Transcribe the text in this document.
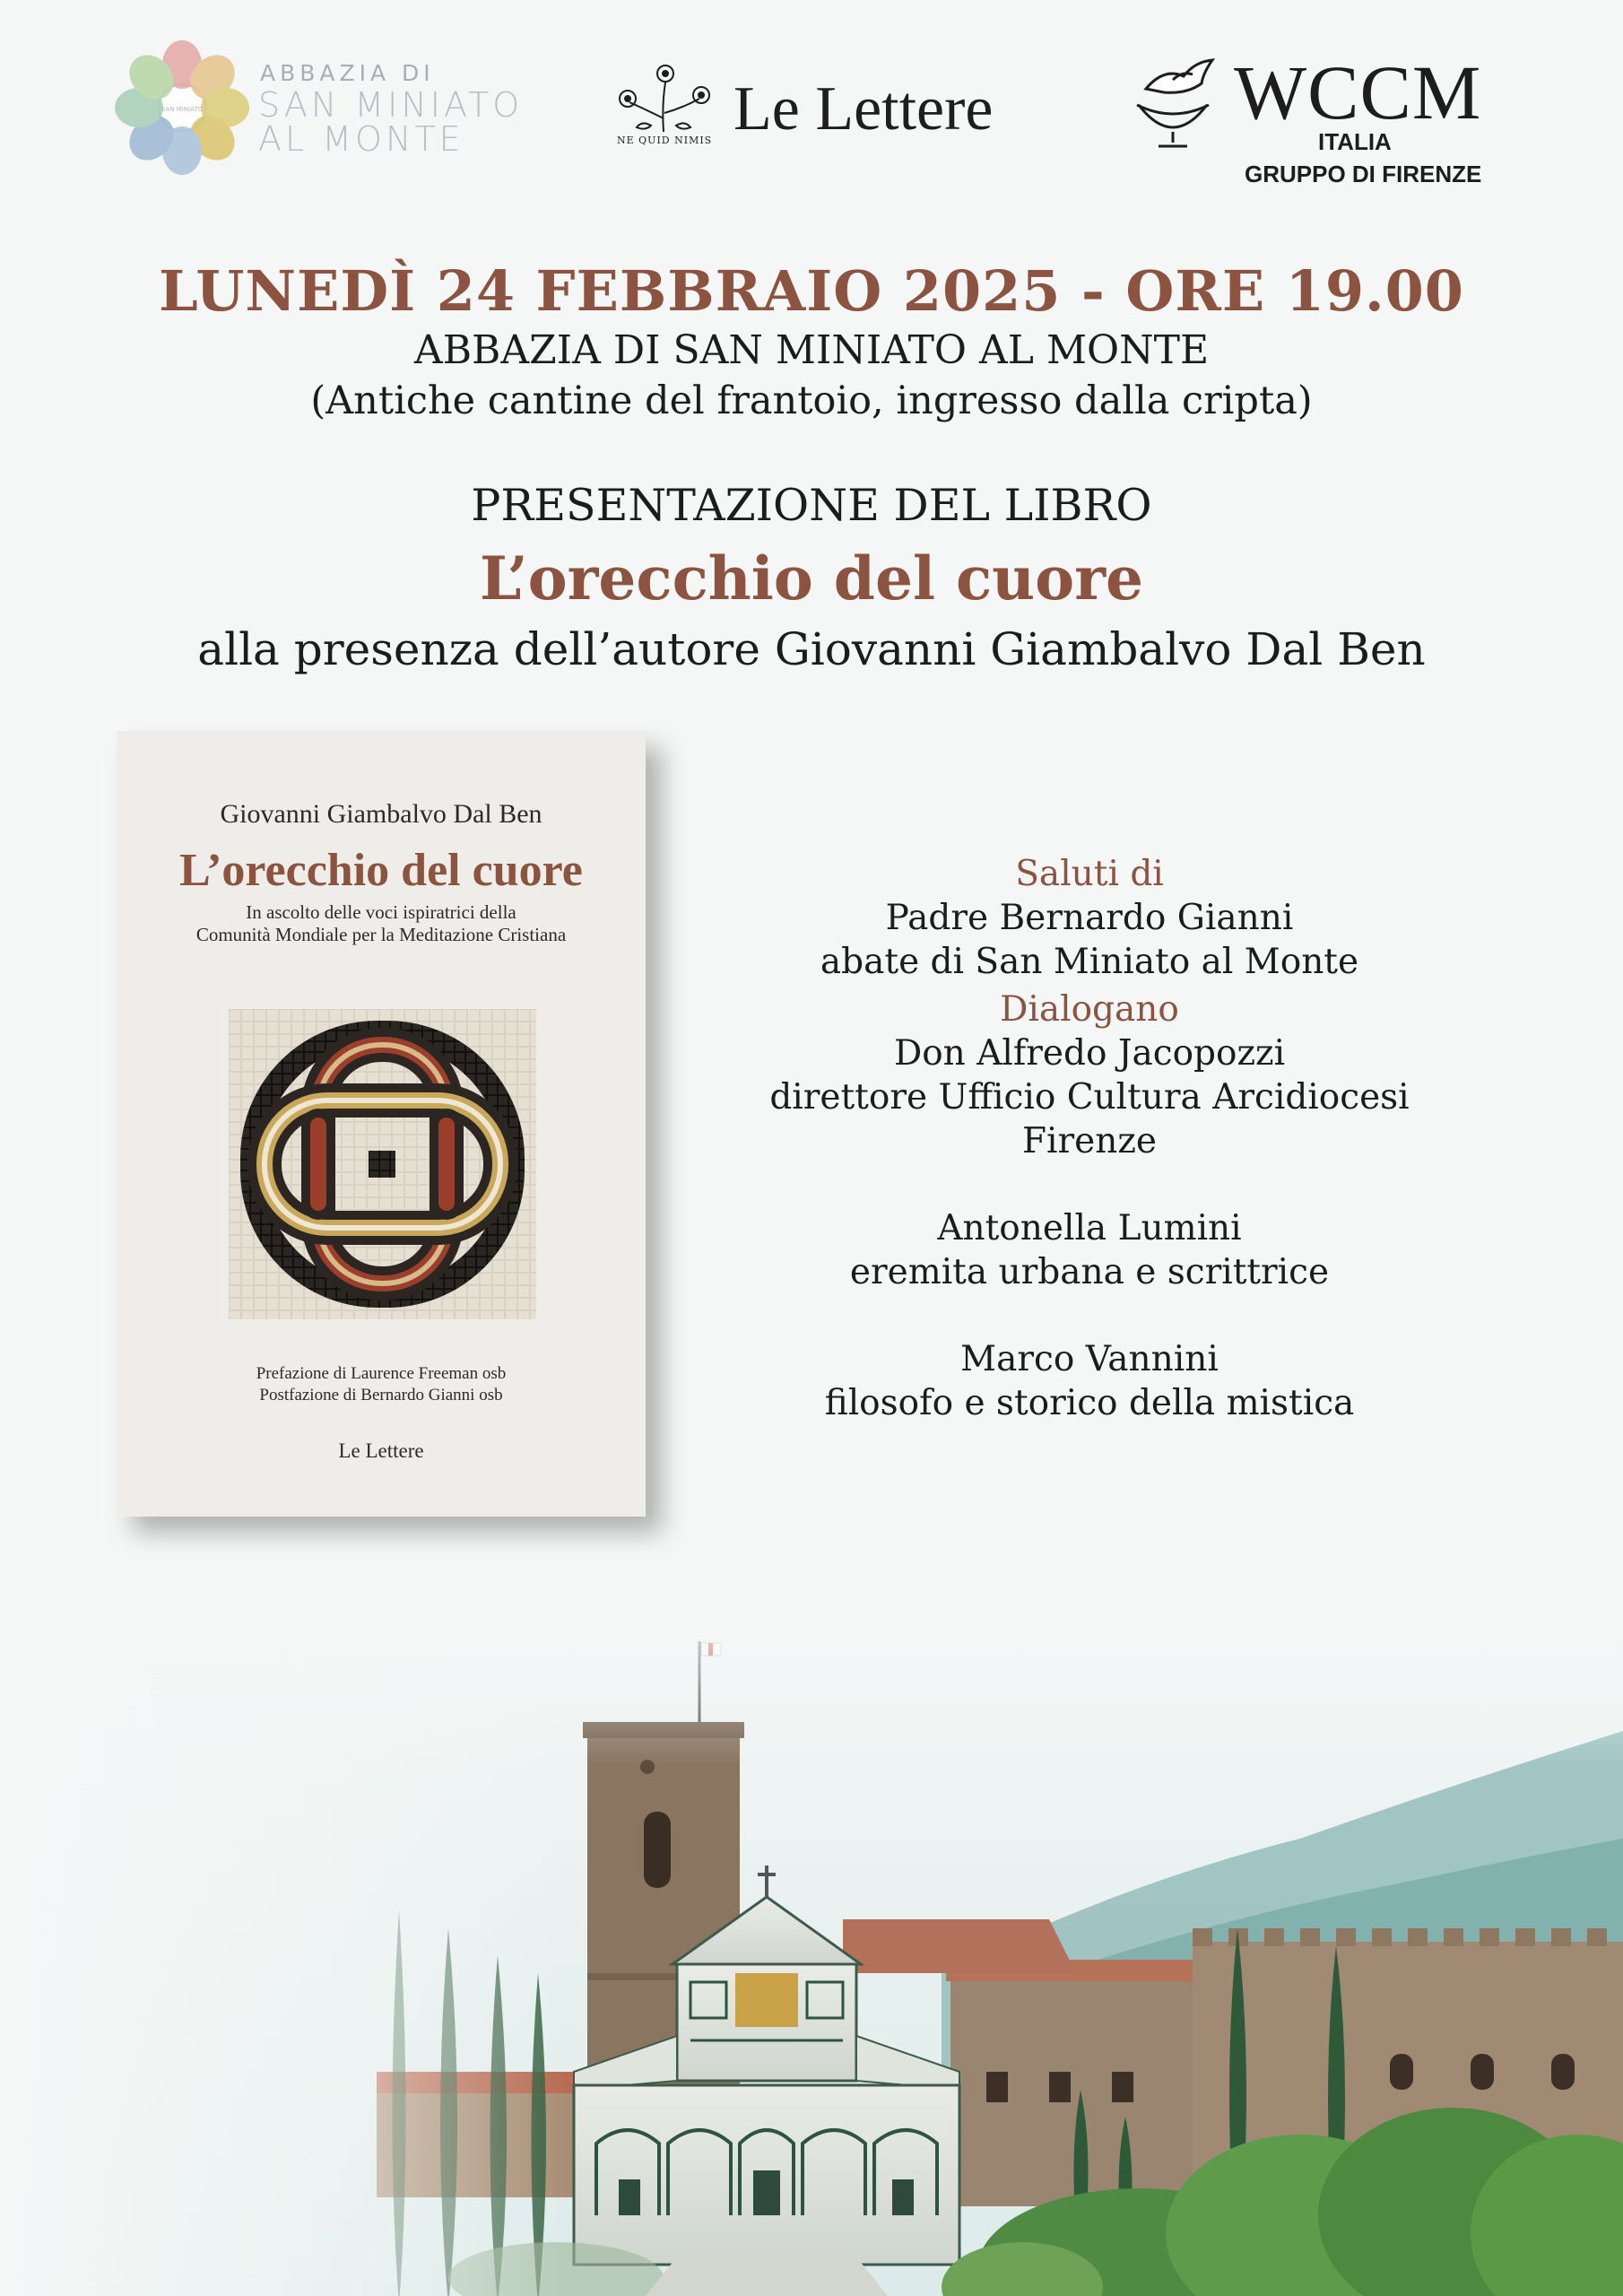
SAN MINIATO
ABBAZIA DI
SAN MINIATO
AL MONTE	NE QUID NIMIS Le Lettere	WCCM
ITALIA
GRUPPO DI FIRENZE
LUNEDÌ 24 FEBBRAIO 2025 - ORE 19.00
ABBAZIA DI SAN MINIATO AL MONTE
(Antiche cantine del frantoio, ingresso dalla cripta)
PRESENTAZIONE DEL LIBRO
L’orecchio del cuore
alla presenza dell’autore Giovanni Giambalvo Dal Ben
Giovanni Giambalvo Dal Ben
L’orecchio del cuore
In ascolto delle voci ispiratrici della
Comunità Mondiale per la Meditazione Cristiana
Prefazione di Laurence Freeman osb
Postfazione di Bernardo Gianni osb
Le Lettere
Saluti di
Padre Bernardo Gianni
abate di San Miniato al Monte
Dialogano
Don Alfredo Jacopozzi
direttore Ufficio Cultura Arcidiocesi Firenze
Antonella Lumini
eremita urbana e scrittrice
Marco Vannini
filosofo e storico della mistica
